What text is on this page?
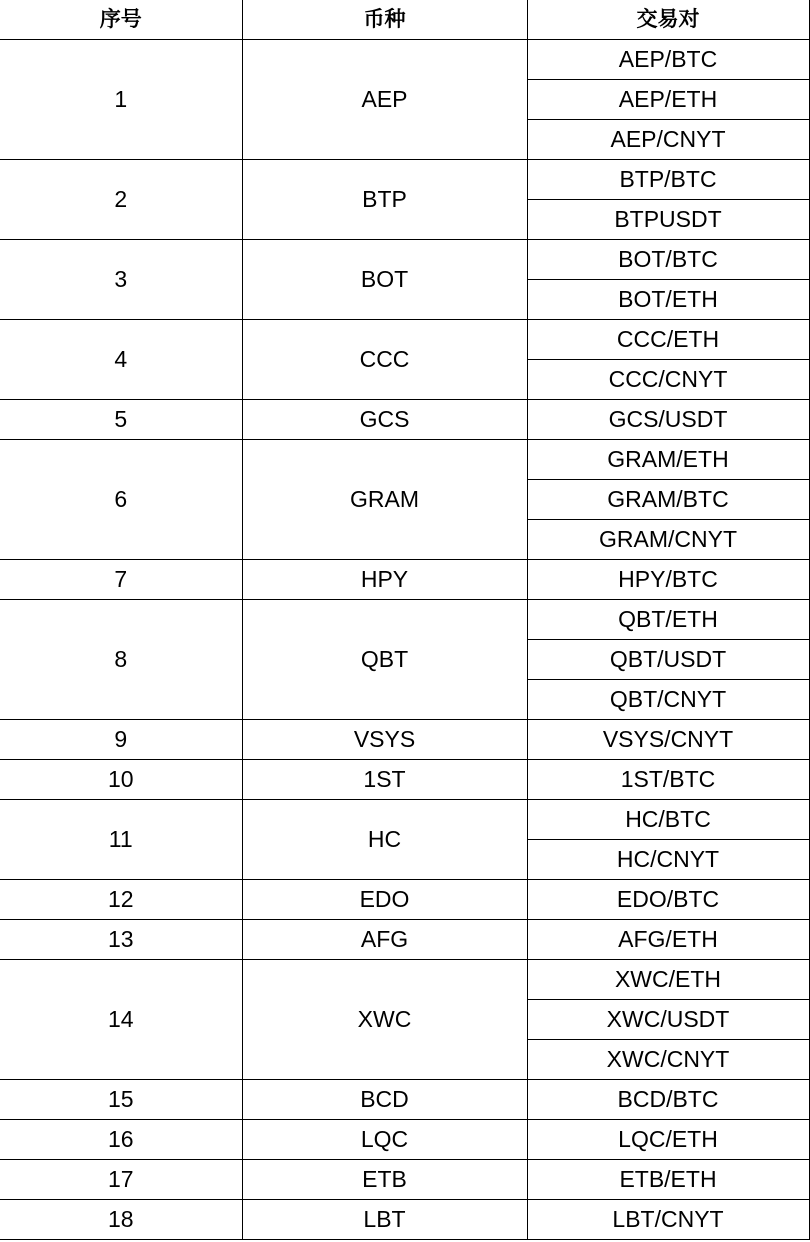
序号	币种	交易对
1	AEP	AEP/BTC
		AEP/ETH
		AEP/CNYT
2	BTP	BTP/BTC
		BTPUSDT
3	BOT	BOT/BTC
		BOT/ETH
4	CCC	CCC/ETH
		CCC/CNYT
5	GCS	GCS/USDT
6	GRAM	GRAM/ETH
		GRAM/BTC
		GRAM/CNYT
7	HPY	HPY/BTC
8	QBT	QBT/ETH
		QBT/USDT
		QBT/CNYT
9	VSYS	VSYS/CNYT
10	1ST	1ST/BTC
11	HC	HC/BTC
		HC/CNYT
12	EDO	EDO/BTC
13	AFG	AFG/ETH
14	XWC	XWC/ETH
		XWC/USDT
		XWC/CNYT
15	BCD	BCD/BTC
16	LQC	LQC/ETH
17	ETB	ETB/ETH
18	LBT	LBT/CNYT
